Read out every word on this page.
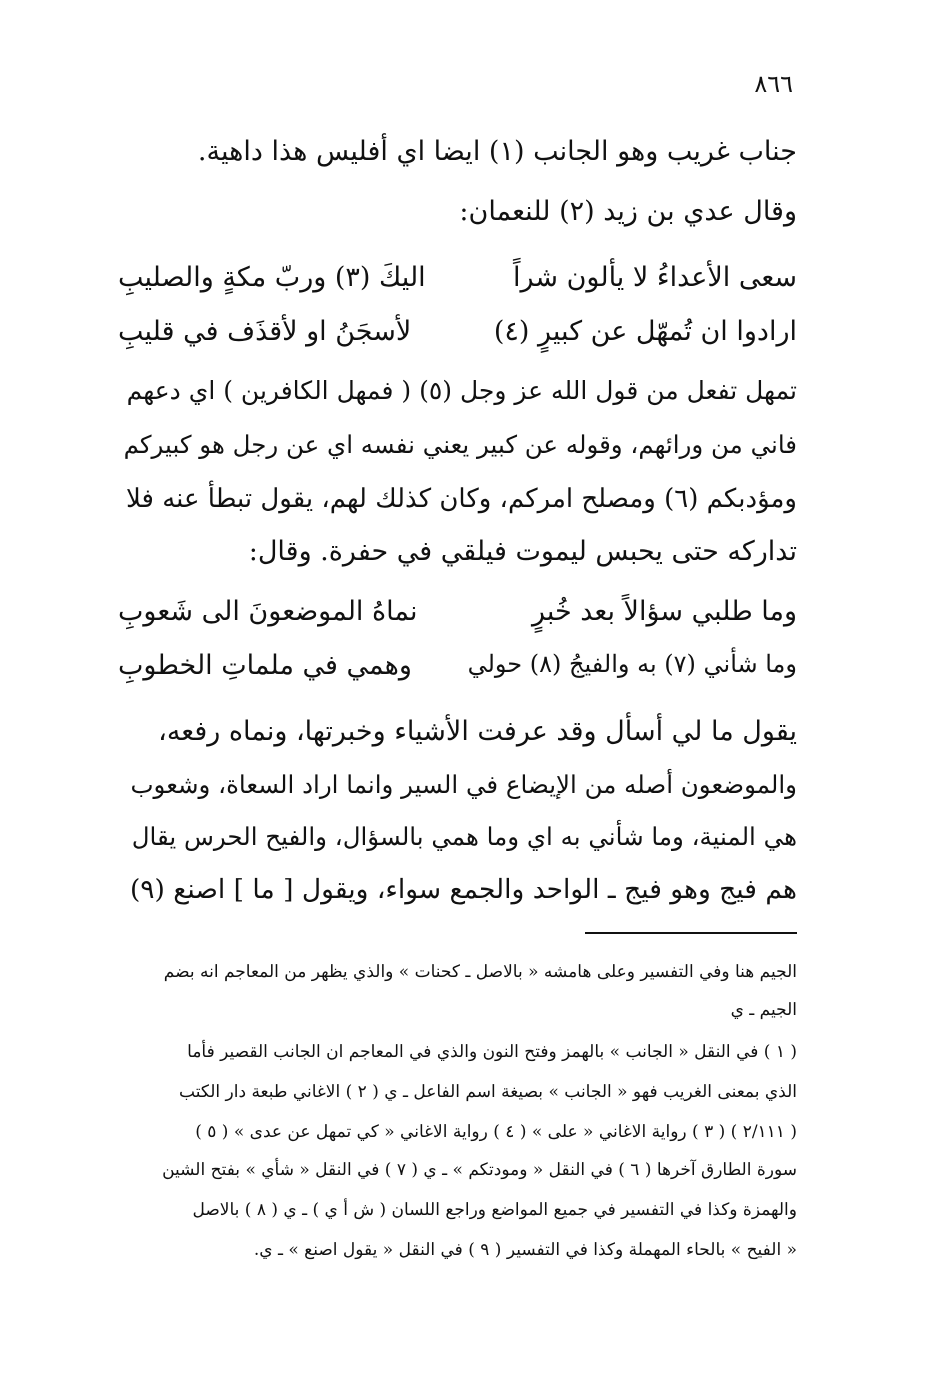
٨٦٦
جناب غريب وهو الجانب (١) ايضا اي أفليس هذا داهية.
وقال عدي بن زيد (٢) للنعمان:
سعى الأعداءُ لا يألون شراً
اليكَ (٣) وربّ مكةٍ والصليبِ
ارادوا ان تُمهّل عن كبيرٍ (٤)
لأسجَنُ او لأقذَف في قليبِ
تمهل تفعل من قول الله عز وجل (٥) ( فمهل الكافرين ) اي دعهم
فاني من ورائهم، وقوله عن كبير يعني نفسه اي عن رجل هو كبيركم
ومؤدبكم (٦) ومصلح امركم، وكان كذلك لهم، يقول تبطأ عنه فلا
تداركه حتى يحبس ليموت فيلقي في حفرة. وقال:
وما طلبي سؤالاً بعد خُبرٍ
نماهُ الموضعونَ الى شَعوبِ
وما شأني (٧) به والفيجُ (٨) حولي
وهمي في ملماتِ الخطوبِ
يقول ما لي أسأل وقد عرفت الأشياء وخبرتها، ونماه رفعه،
والموضعون أصله من الإيضاع في السير وانما اراد السعاة، وشعوب
هي المنية، وما شأني به اي وما همي بالسؤال، والفيح الحرس يقال
هم فيج وهو فيج ـ الواحد والجمع سواء، ويقول [ ما ] اصنع (٩)
الجيم هنا وفي التفسير وعلى هامشه « بالاصل ـ كحنات » والذي يظهر من المعاجم انه بضم
الجيم ـ ي
( ١ ) في النقل « الجانب » بالهمز وفتح النون والذي في المعاجم ان الجانب القصير فأما
الذي بمعنى الغريب فهو « الجانب » بصيغة اسم الفاعل ـ ي ( ٢ ) الاغاني طبعة دار الكتب
( ٢/١١١ ) ( ٣ ) رواية الاغاني « على » ( ٤ ) رواية الاغاني « كي تمهل عن عدى » ( ٥ )
سورة الطارق آخرها ( ٦ ) في النقل « ومودتكم » ـ ي ( ٧ ) في النقل « شأي » بفتح الشين
والهمزة وكذا في التفسير في جميع المواضع وراجع اللسان ( ش أ ي ) ـ ي ( ٨ ) بالاصل
« الفيح » بالحاء المهملة وكذا في التفسير ( ٩ ) في النقل « يقول اصنع » ـ ي.
